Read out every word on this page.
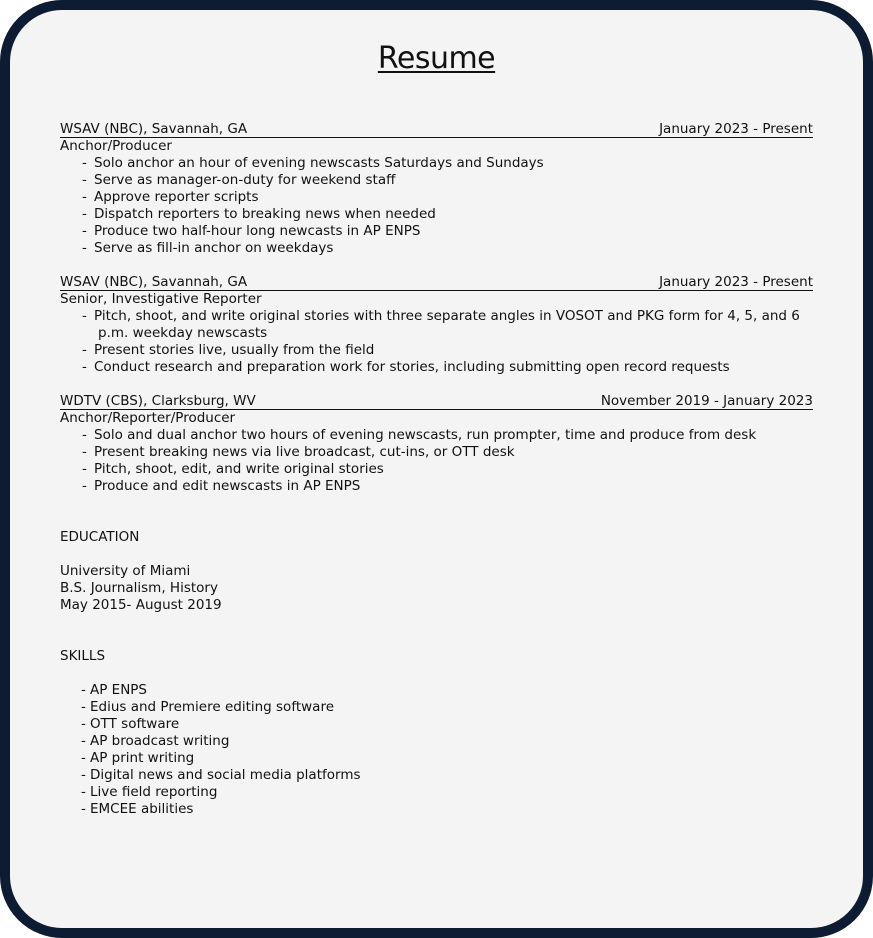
Resume
WSAV (NBC), Savannah, GA	January 2023 - Present
Anchor/Producer
- Solo anchor an hour of evening newscasts Saturdays and Sundays
- Serve as manager-on-duty for weekend staff
- Approve reporter scripts
- Dispatch reporters to breaking news when needed
- Produce two half-hour long newcasts in AP ENPS
- Serve as fill-in anchor on weekdays
WSAV (NBC), Savannah, GA	January 2023 - Present
Senior, Investigative Reporter
- Pitch, shoot, and write original stories with three separate angles in VOSOT and PKG form for 4, 5, and 6 p.m. weekday newscasts
- Present stories live, usually from the field
- Conduct research and preparation work for stories, including submitting open record requests
WDTV (CBS), Clarksburg, WV	November 2019 - January 2023
Anchor/Reporter/Producer
- Solo and dual anchor two hours of evening newscasts, run prompter, time and produce from desk
- Present breaking news via live broadcast, cut-ins, or OTT desk
- Pitch, shoot, edit, and write original stories
- Produce and edit newscasts in AP ENPS
EDUCATION
University of Miami
B.S. Journalism, History
May 2015- August 2019
SKILLS
- AP ENPS
- Edius and Premiere editing software
- OTT software
- AP broadcast writing
- AP print writing
- Digital news and social media platforms
- Live field reporting
- EMCEE abilities
